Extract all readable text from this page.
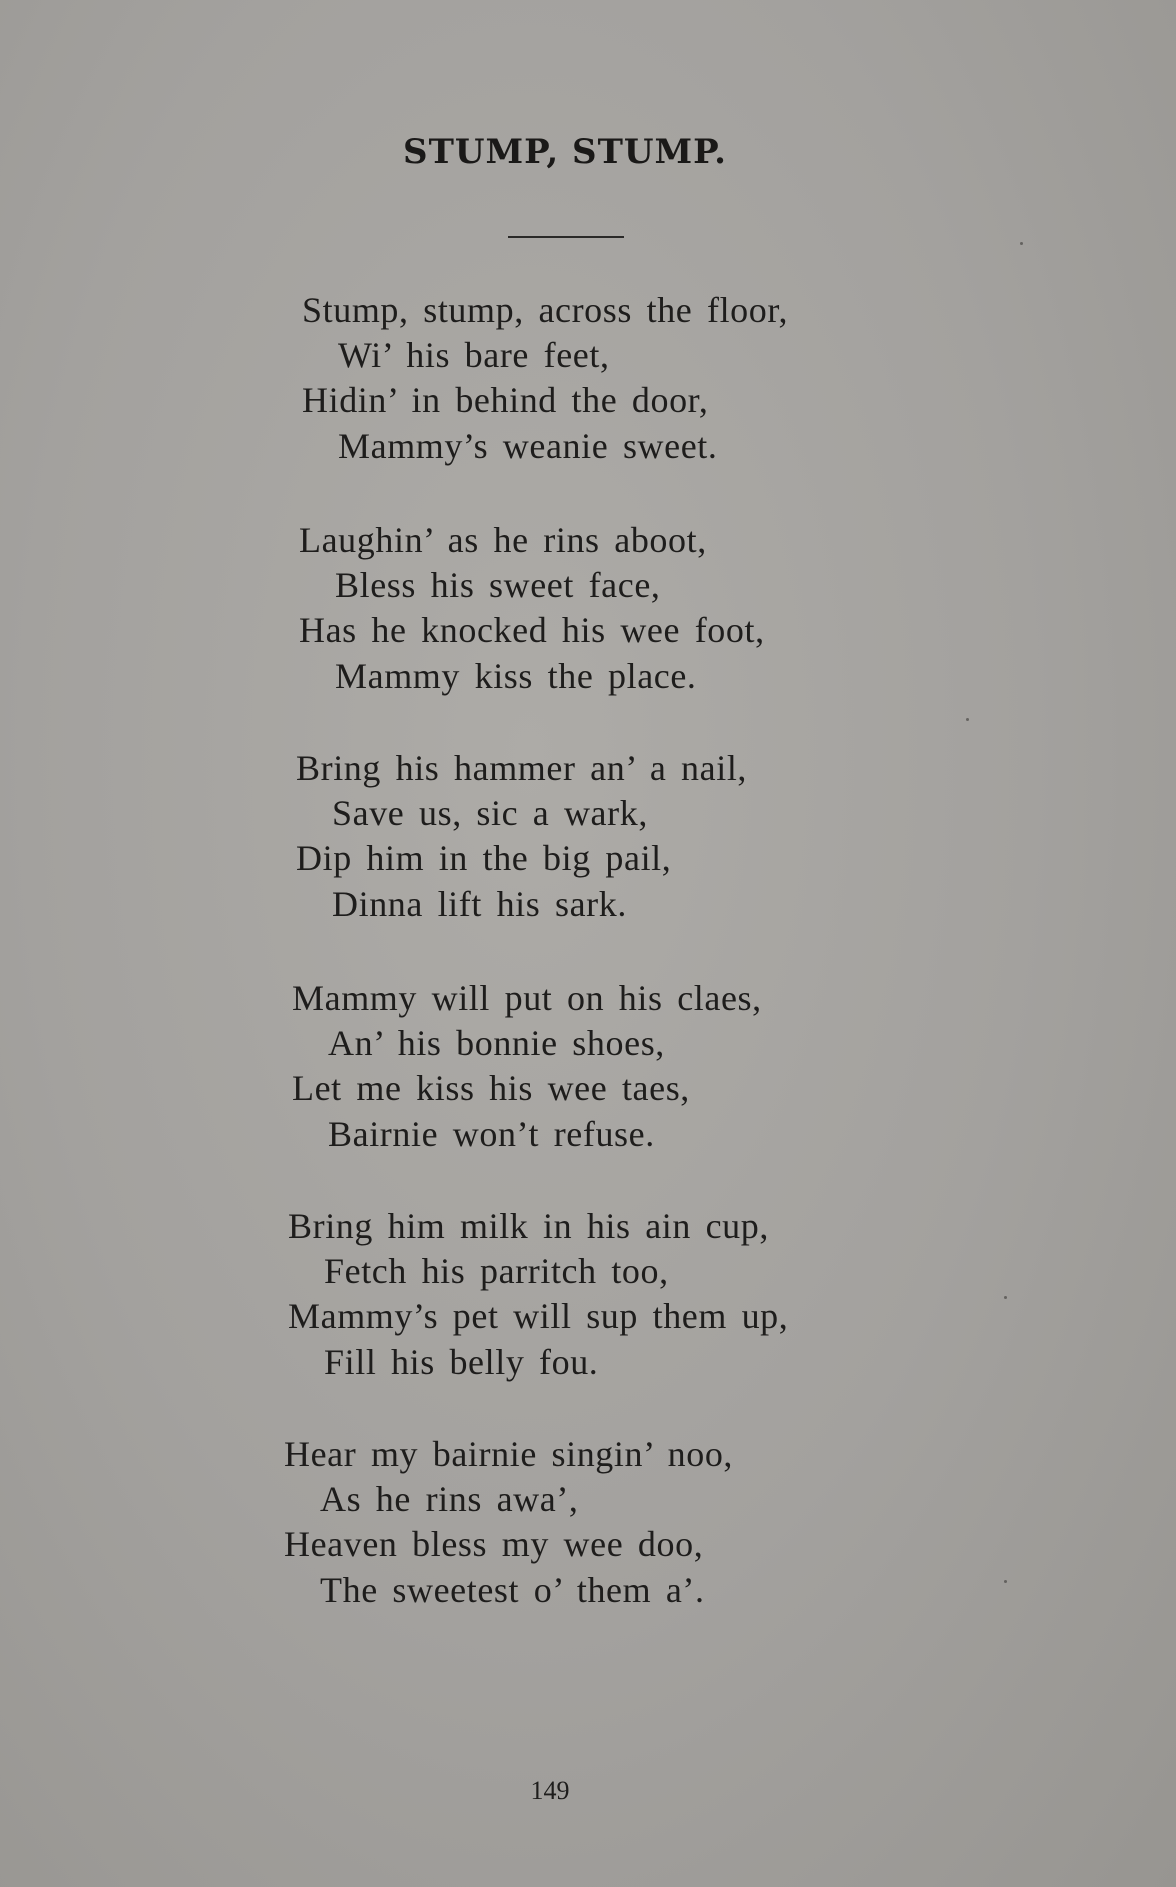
STUMP, STUMP.
Stump, stump, across the floor,
Wi’ his bare feet,
Hidin’ in behind the door,
Mammy’s weanie sweet.
Laughin’ as he rins aboot,
Bless his sweet face,
Has he knocked his wee foot,
Mammy kiss the place.
Bring his hammer an’ a nail,
Save us, sic a wark,
Dip him in the big pail,
Dinna lift his sark.
Mammy will put on his claes,
An’ his bonnie shoes,
Let me kiss his wee taes,
Bairnie won’t refuse.
Bring him milk in his ain cup,
Fetch his parritch too,
Mammy’s pet will sup them up,
Fill his belly fou.
Hear my bairnie singin’ noo,
As he rins awa’,
Heaven bless my wee doo,
The sweetest o’ them a’.
149
